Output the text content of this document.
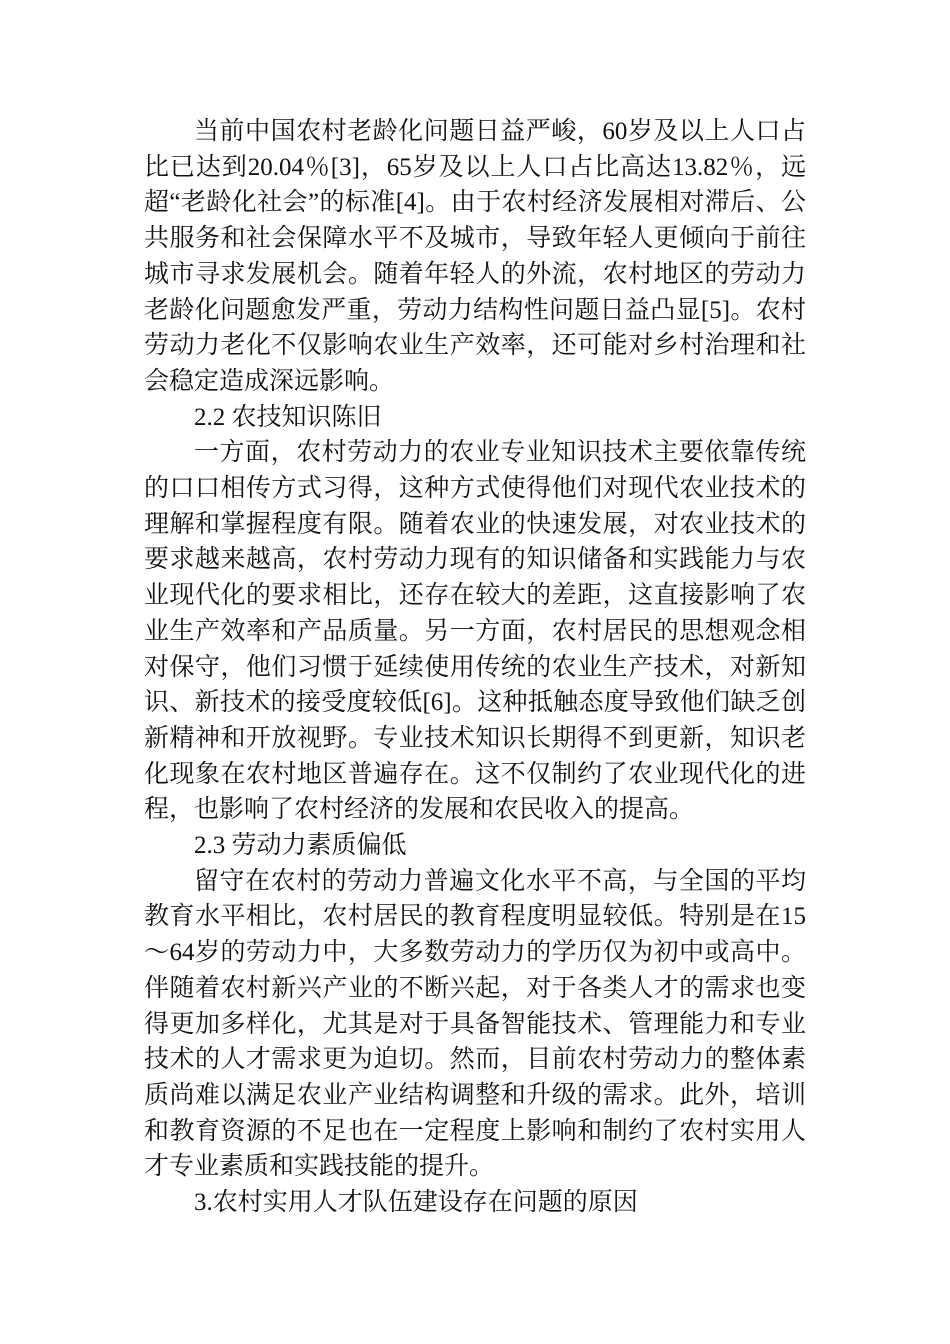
当前中国农村老龄化问题日益严峻，60岁及以上人口占比已达到20.04％[3]，65岁及以上人口占比高达13.82％，远超“老龄化社会”的标准[4]。由于农村经济发展相对滞后、公共服务和社会保障水平不及城市，导致年轻人更倾向于前往城市寻求发展机会。随着年轻人的外流，农村地区的劳动力老龄化问题愈发严重，劳动力结构性问题日益凸显[5]。农村劳动力老化不仅影响农业生产效率，还可能对乡村治理和社会稳定造成深远影响。

2.2 农技知识陈旧

一方面，农村劳动力的农业专业知识技术主要依靠传统的口口相传方式习得，这种方式使得他们对现代农业技术的理解和掌握程度有限。随着农业的快速发展，对农业技术的要求越来越高，农村劳动力现有的知识储备和实践能力与农业现代化的要求相比，还存在较大的差距，这直接影响了农业生产效率和产品质量。另一方面，农村居民的思想观念相对保守，他们习惯于延续使用传统的农业生产技术，对新知识、新技术的接受度较低[6]。这种抵触态度导致他们缺乏创新精神和开放视野。专业技术知识长期得不到更新，知识老化现象在农村地区普遍存在。这不仅制约了农业现代化的进程，也影响了农村经济的发展和农民收入的提高。

2.3 劳动力素质偏低

留守在农村的劳动力普遍文化水平不高，与全国的平均教育水平相比，农村居民的教育程度明显较低。特别是在15～64岁的劳动力中，大多数劳动力的学历仅为初中或高中。伴随着农村新兴产业的不断兴起，对于各类人才的需求也变得更加多样化，尤其是对于具备智能技术、管理能力和专业技术的人才需求更为迫切。然而，目前农村劳动力的整体素质尚难以满足农业产业结构调整和升级的需求。此外，培训和教育资源的不足也在一定程度上影响和制约了农村实用人才专业素质和实践技能的提升。

3.农村实用人才队伍建设存在问题的原因
